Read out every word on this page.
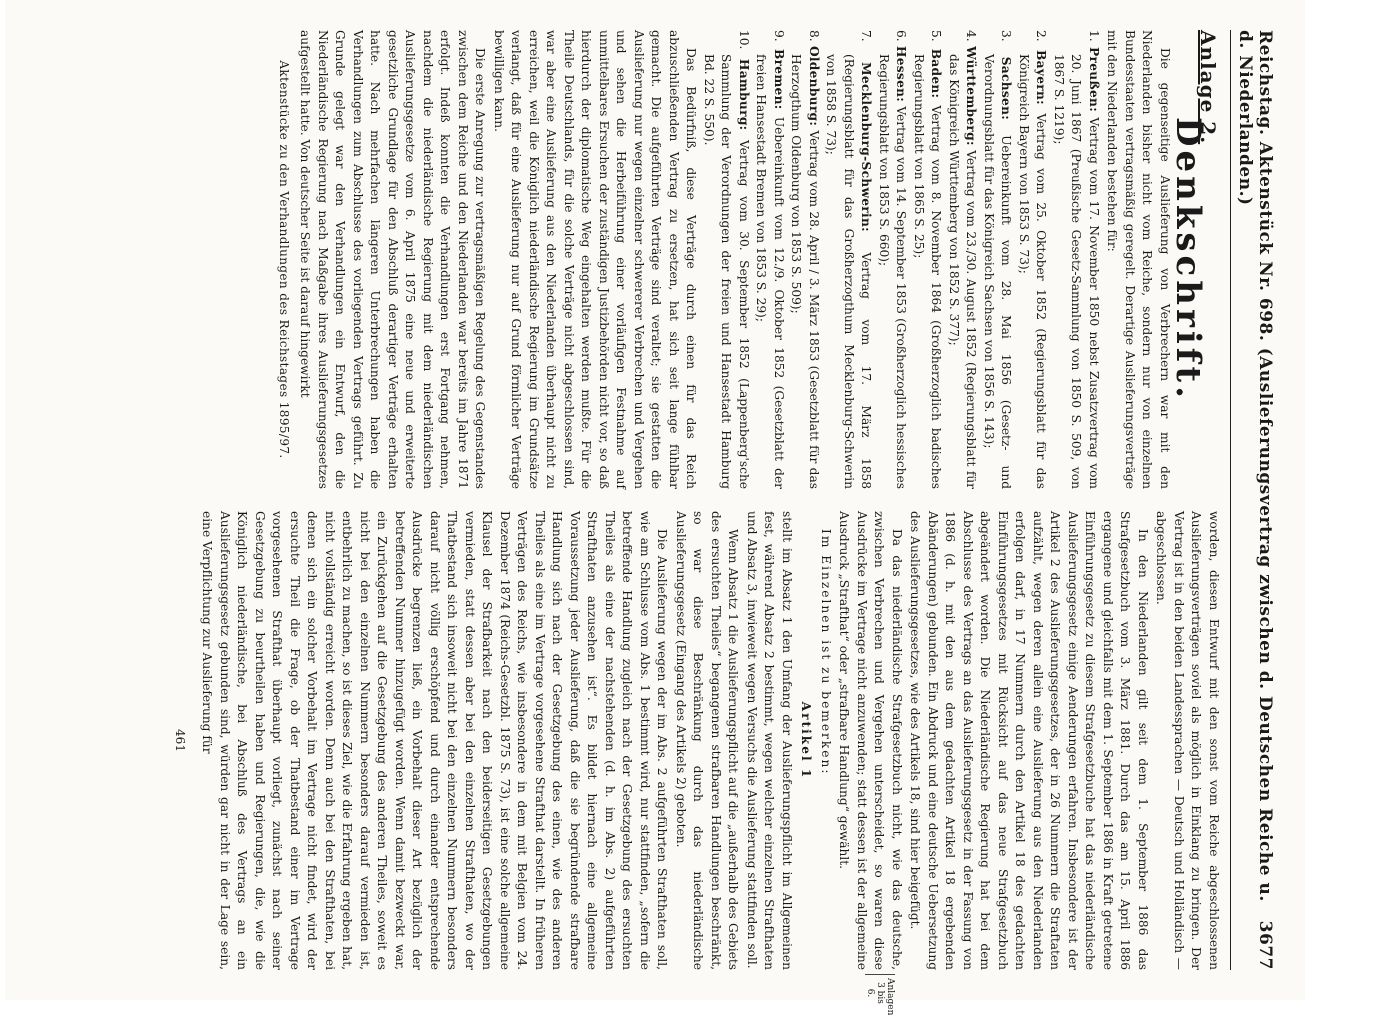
Reichstag. Aktenstück Nr. 698. (Auslieferungsvertrag zwischen d. Deutschen Reiche u. d. Niederlanden.)
3677
Anlage 2.
Denkschrift.

Die gegenseitige Auslieferung von Verbrechern war mit den Niederlanden bisher nicht vom Reiche, sondern nur von einzelnen Bundesstaaten vertragsmäßig geregelt. Derartige Auslieferungsverträge mit den Niederlanden bestehen für:

1. Preußen: Vertrag vom 17. November 1850 nebst Zusatzvertrag vom 20. Juni 1867 (Preußische Gesetz-Sammlung von 1850 S. 509, von 1867 S. 1219);

2. Bayern: Vertrag vom 25. Oktober 1852 (Regierungsblatt für das Königreich Bayern von 1853 S. 73);

3. Sachsen: Uebereinkunft vom 28. Mai 1856 (Gesetz- und Verordnungsblatt für das Königreich Sachsen von 1856 S. 143);

4. Württemberg: Vertrag vom 23./30. August 1852 (Regierungsblatt für das Königreich Württemberg von 1852 S. 377);

5. Baden: Vertrag vom 8. November 1864 (Großherzoglich badisches Regierungsblatt von 1865 S. 25);

6. Hessen: Vertrag vom 14. September 1853 (Großherzoglich hessisches Regierungsblatt von 1853 S. 660);

7. Mecklenburg-Schwerin: Vertrag vom 17. März 1858 (Regierungsblatt für das Großherzogthum Mecklenburg-Schwerin von 1858 S. 73);

8. Oldenburg: Vertrag vom 28. April / 3. März 1853 (Gesetzblatt für das Herzogthum Oldenburg von 1853 S. 509);

9. Bremen: Uebereinkunft vom 12./9. Oktober 1852 (Gesetzblatt der freien Hansestadt Bremen von 1853 S. 29);

10. Hamburg: Vertrag vom 30. September 1852 (Lappenberg'sche Sammlung der Verordnungen der freien und Hansestadt Hamburg Bd. 22 S. 550).

Das Bedürfniß, diese Verträge durch einen für das Reich abzuschließenden Vertrag zu ersetzen, hat sich seit lange fühlbar gemacht. Die aufgeführten Verträge sind veraltet; sie gestatten die Auslieferung nur wegen einzelner schwererer Verbrechen und Vergehen und sehen die Herbeiführung einer vorläufigen Festnahme auf unmittelbares Ersuchen der zuständigen Justizbehörden nicht vor, so daß hierdurch der diplomatische Weg eingehalten werden mußte. Für die Theile Deutschlands, für die solche Verträge nicht abgeschlossen sind, war aber eine Auslieferung aus den Niederlanden überhaupt nicht zu erreichen, weil die Königlich niederländische Regierung im Grundsätze verlangt, daß für eine Auslieferung nur auf Grund förmlicher Verträge bewilligen kann.

Die erste Anregung zur vertragsmäßigen Regelung des Gegenstandes zwischen dem Reiche und den Niederlanden war bereits im Jahre 1871 erfolgt. Indeß konnten die Verhandlungen erst Fortgang nehmen, nachdem die niederländische Regierung mit dem niederländischen Auslieferungsgesetze vom 6. April 1875 eine neue und erweiterte gesetzliche Grundlage für den Abschluß derartiger Verträge erhalten hatte. Nach mehrfachen längeren Unterbrechungen haben die Verhandlungen zum Abschlusse des vorliegenden Vertrags geführt. Zu Grunde gelegt war den Verhandlungen ein Entwurf, den die Niederländische Regierung nach Maßgabe ihres Auslieferungsgesetzes aufgestellt hatte. Von deutscher Seite ist darauf hingewirkt

Aktenstücke zu den Verhandlungen des Reichstages 1895/97.

worden, diesen Entwurf mit den sonst vom Reiche abgeschlossenen Auslieferungsverträgen soviel als möglich in Einklang zu bringen. Der Vertrag ist in den beiden Landessprachen — Deutsch und Holländisch — abgeschlossen.

In den Niederlanden gilt seit dem 1. September 1886 das Strafgesetzbuch vom 3. März 1881. Durch das am 15. April 1886 ergangene und gleichfalls mit dem 1. September 1886 in Kraft getretene Einführungsgesetz zu diesem Strafgesetzbuche hat das niederländische Auslieferungsgesetz einige Aenderungen erfahren. Insbesondere ist der Artikel 2 des Auslieferungsgesetzes, der in 26 Nummern die Straftaten aufzählt, wegen deren allein eine Auslieferung aus den Niederlanden erfolgen darf, in 17 Nummern durch den Artikel 18 des gedachten Einführungsgesetzes mit Rücksicht auf das neue Strafgesetzbuch abgeändert worden. Die Niederländische Regierung hat bei dem Abschlusse des Vertrags an das Auslieferungsgesetz in der Fassung von 1886 (d. h. mit den aus dem gedachten Artikel 18 ergebenden Abänderungen) gebunden. Ein Abdruck und eine deutsche Uebersetzung des Auslieferungsgesetzes, wie des Artikels 18, sind hier beigefügt.

Da das niederländische Strafgesetzbuch nicht, wie das deutsche, zwischen Verbrechen und Vergehen unterscheidet, so waren diese Ausdrücke im Vertrage nicht anzuwenden; statt dessen ist der allgemeine Ausdruck „Strafthat“ oder „strafbare Handlung“ gewählt.

Im Einzelnen ist zu bemerken:

Artikel 1

stellt im Absatz 1 den Umfang der Auslieferungspflicht im Allgemeinen fest, während Absatz 2 bestimmt, wegen welcher einzelnen Strafthaten und Absatz 3, inwieweit wegen Versuchs die Auslieferung stattfinden soll.

Wenn Absatz 1 die Auslieferungspflicht auf die „außerhalb des Gebiets des ersuchten Theiles“ begangenen strafbaren Handlungen beschränkt, so war diese Beschränkung durch das niederländische Auslieferungsgesetz (Eingang des Artikels 2) geboten.

Die Auslieferung wegen der im Abs. 2 aufgeführten Strafthaten soll, wie am Schlusse vom Abs. 1 bestimmt wird, nur stattfinden, „sofern die betreffende Handlung zugleich nach der Gesetzgebung des ersuchten Theiles als eine der nachstehenden (d. h. im Abs. 2) aufgeführten Strafthaten anzusehen ist“. Es bildet hiernach eine allgemeine Voraussetzung jeder Auslieferung, daß die sie begründende strafbare Handlung sich nach der Gesetzgebung des einen, wie des anderen Theiles als eine im Vertrage vorgesehene Strafthat darstellt. In früheren Verträgen des Reichs, wie insbesondere in dem mit Belgien vom 24. Dezember 1874 (Reichs-Gesetzbl. 1875 S. 73), ist eine solche allgemeine Klausel der Strafbarkeit nach den beiderseitigen Gesetzgebungen vermieden, statt dessen aber bei den einzelnen Strafthaten, wo der Thatbestand sich insoweit nicht bei den einzelnen Nummern besonders darauf nicht völlig erschöpfend und durch einander entsprechende Ausdrücke begrenzen ließ, ein Vorbehalt dieser Art bezüglich der betreffenden Nummer hinzugefügt worden. Wenn damit bezweckt war, ein Zurückgehen auf die Gesetzgebung des anderen Theiles, soweit es nicht bei den einzelnen Nummern besonders darauf vermieden ist, entbehrlich zu machen, so ist dieses Ziel, wie die Erfahrung ergeben hat, nicht vollständig erreicht worden. Denn auch bei den Strafthaten, bei denen sich ein solcher Vorbehalt im Vertrage nicht findet, wird der ersuchte Theil die Frage, ob der Thatbestand einer im Vertrage vorgesehenen Strafthat überhaupt vorliegt, zunächst nach seiner Gesetzgebung zu beurtheilen haben und Regierungen, die, wie die Königlich niederländische, bei Abschluß des Vertrags an ein Auslieferungsgesetz gebunden sind, würden gar nicht in der Lage sein, eine Verpflichtung zur Auslieferung für

461
Anlagen 3 bis 6.
